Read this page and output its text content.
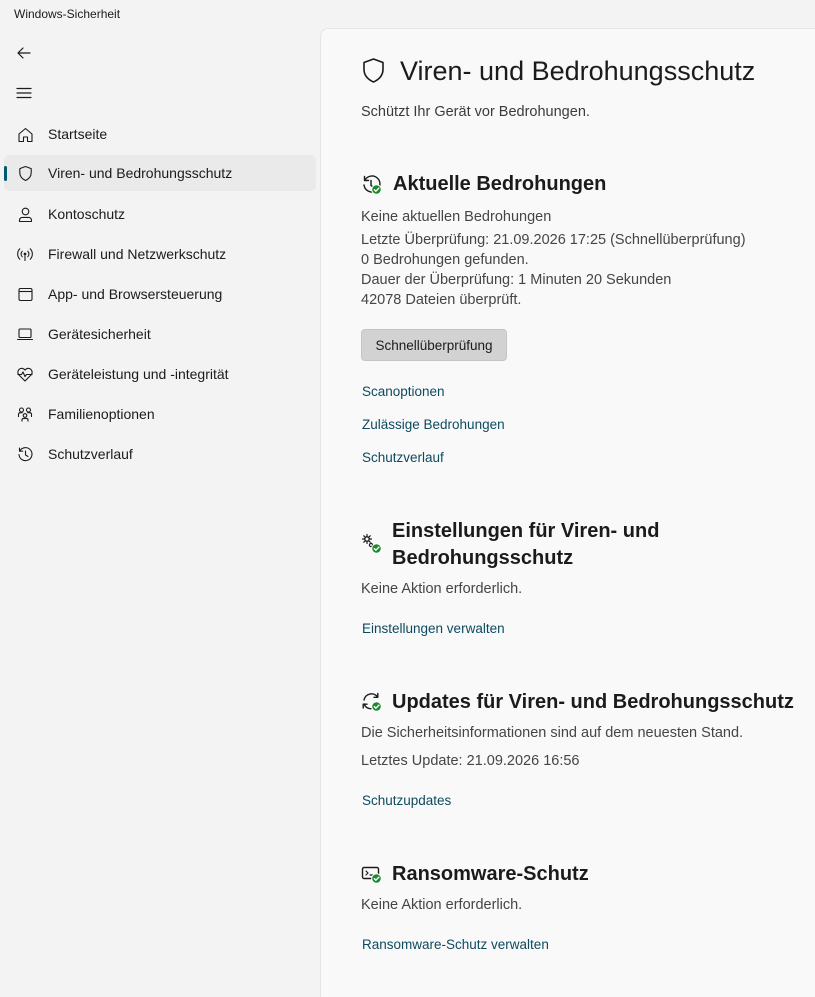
Windows-Sicherheit
Startseite
Viren- und Bedrohungsschutz
Kontoschutz
Firewall und Netzwerkschutz
App- und Browsersteuerung
Gerätesicherheit
Geräteleistung und -integrität
Familienoptionen
Schutzverlauf
Viren- und Bedrohungsschutz
Schützt Ihr Gerät vor Bedrohungen.
Aktuelle Bedrohungen
Keine aktuellen Bedrohungen
Letzte Überprüfung: 21.09.2026 17:25 (Schnellüberprüfung)
0 Bedrohungen gefunden.
Dauer der Überprüfung: 1 Minuten 20 Sekunden
42078 Dateien überprüft.
Schnellüberprüfung
Scanoptionen
Zulässige Bedrohungen
Schutzverlauf
Einstellungen für Viren- und
Bedrohungsschutz
Keine Aktion erforderlich.
Einstellungen verwalten
Updates für Viren- und Bedrohungsschutz
Die Sicherheitsinformationen sind auf dem neuesten Stand.
Letztes Update: 21.09.2026 16:56
Schutzupdates
Ransomware-Schutz
Keine Aktion erforderlich.
Ransomware-Schutz verwalten
